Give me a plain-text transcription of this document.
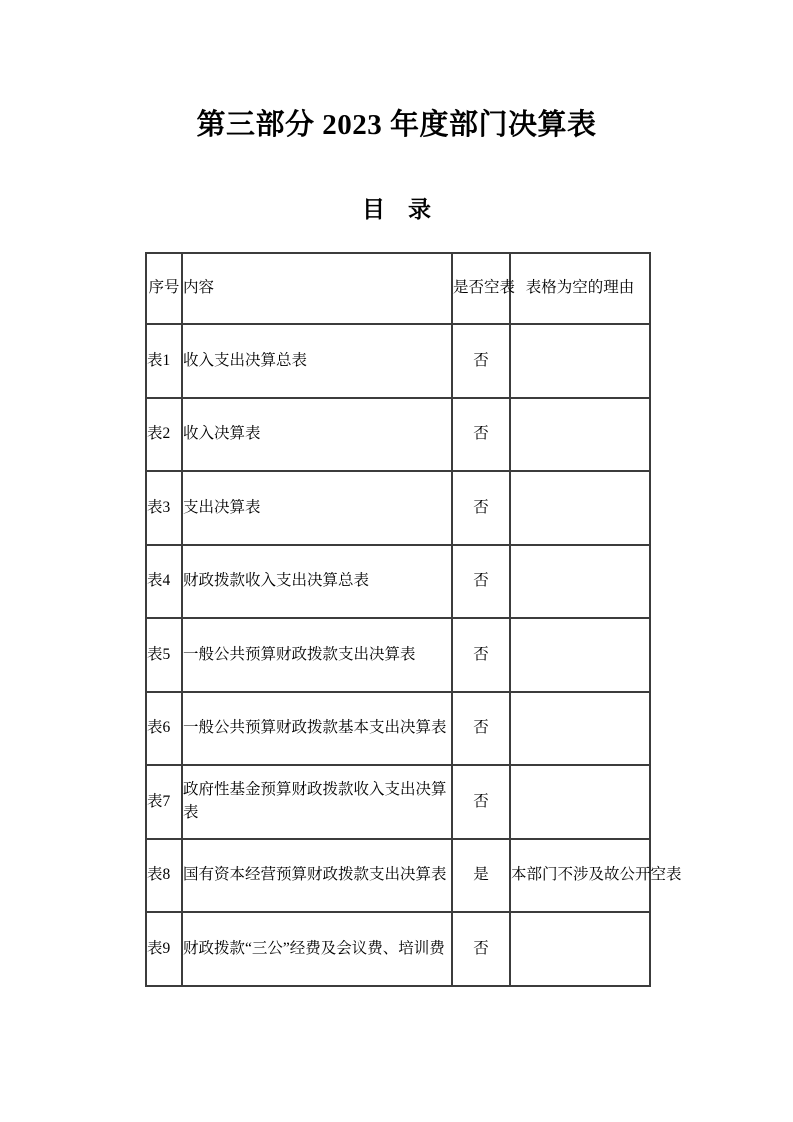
第三部分 2023 年度部门决算表
目　录
序号	内容	是否空表	表格为空的理由
表1	收入支出决算总表	否	
表2	收入决算表	否	
表3	支出决算表	否	
表4	财政拨款收入支出决算总表	否	
表5	一般公共预算财政拨款支出决算表	否	
表6	一般公共预算财政拨款基本支出决算表	否	
表7	政府性基金预算财政拨款收入支出决算表	否	
表8	国有资本经营预算财政拨款支出决算表	是	本部门不涉及故公开空表
表9	财政拨款“三公”经费及会议费、培训费	否	
